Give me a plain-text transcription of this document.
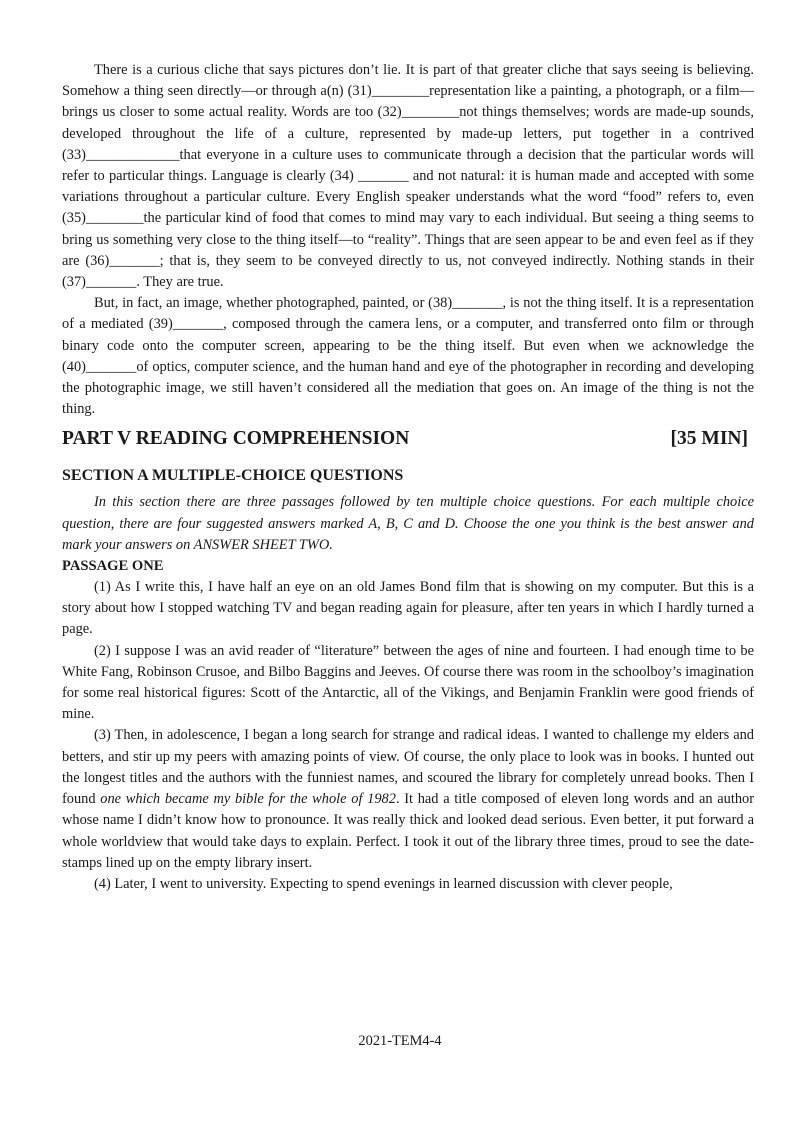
There is a curious cliche that says pictures don’t lie. It is part of that greater cliche that says seeing is believing. Somehow a thing seen directly—or through a(n) (31)________representation like a painting, a photograph, or a film—brings us closer to some actual reality. Words are too (32)________not things themselves; words are made-up sounds, developed throughout the life of a culture, represented by made-up letters, put together in a contrived (33)_____________that everyone in a culture uses to communicate through a decision that the particular words will refer to particular things. Language is clearly (34) _______ and not natural: it is human made and accepted with some variations throughout a particular culture. Every English speaker understands what the word “food” refers to, even (35)________the particular kind of food that comes to mind may vary to each individual. But seeing a thing seems to bring us something very close to the thing itself—to “reality”. Things that are seen appear to be and even feel as if they are (36)_______; that is, they seem to be conveyed directly to us, not conveyed indirectly. Nothing stands in their (37)_______. They are true.

But, in fact, an image, whether photographed, painted, or (38)_______, is not the thing itself. It is a representation of a mediated (39)_______, composed through the camera lens, or a computer, and transferred onto film or through binary code onto the computer screen, appearing to be the thing itself. But even when we acknowledge the (40)_______of optics, computer science, and the human hand and eye of the photographer in recording and developing the photographic image, we still haven’t considered all the mediation that goes on. An image of the thing is not the thing.

PART V READING COMPREHENSION	[35 MIN]
SECTION A MULTIPLE-CHOICE QUESTIONS

In this section there are three passages followed by ten multiple choice questions. For each multiple choice question, there are four suggested answers marked A, B, C and D. Choose the one you think is the best answer and mark your answers on ANSWER SHEET TWO.

PASSAGE ONE

(1) As I write this, I have half an eye on an old James Bond film that is showing on my computer. But this is a story about how I stopped watching TV and began reading again for pleasure, after ten years in which I hardly turned a page.

(2) I suppose I was an avid reader of “literature” between the ages of nine and fourteen. I had enough time to be White Fang, Robinson Crusoe, and Bilbo Baggins and Jeeves. Of course there was room in the schoolboy’s imagination for some real historical figures: Scott of the Antarctic, all of the Vikings, and Benjamin Franklin were good friends of mine.

(3) Then, in adolescence, I began a long search for strange and radical ideas. I wanted to challenge my elders and betters, and stir up my peers with amazing points of view. Of course, the only place to look was in books. I hunted out the longest titles and the authors with the funniest names, and scoured the library for completely unread books. Then I found one which became my bible for the whole of 1982. It had a title composed of eleven long words and an author whose name I didn’t know how to pronounce. It was really thick and looked dead serious. Even better, it put forward a whole worldview that would take days to explain. Perfect. I took it out of the library three times, proud to see the date-stamps lined up on the empty library insert.

(4) Later, I went to university. Expecting to spend evenings in learned discussion with clever people,

2021-TEM4-4
